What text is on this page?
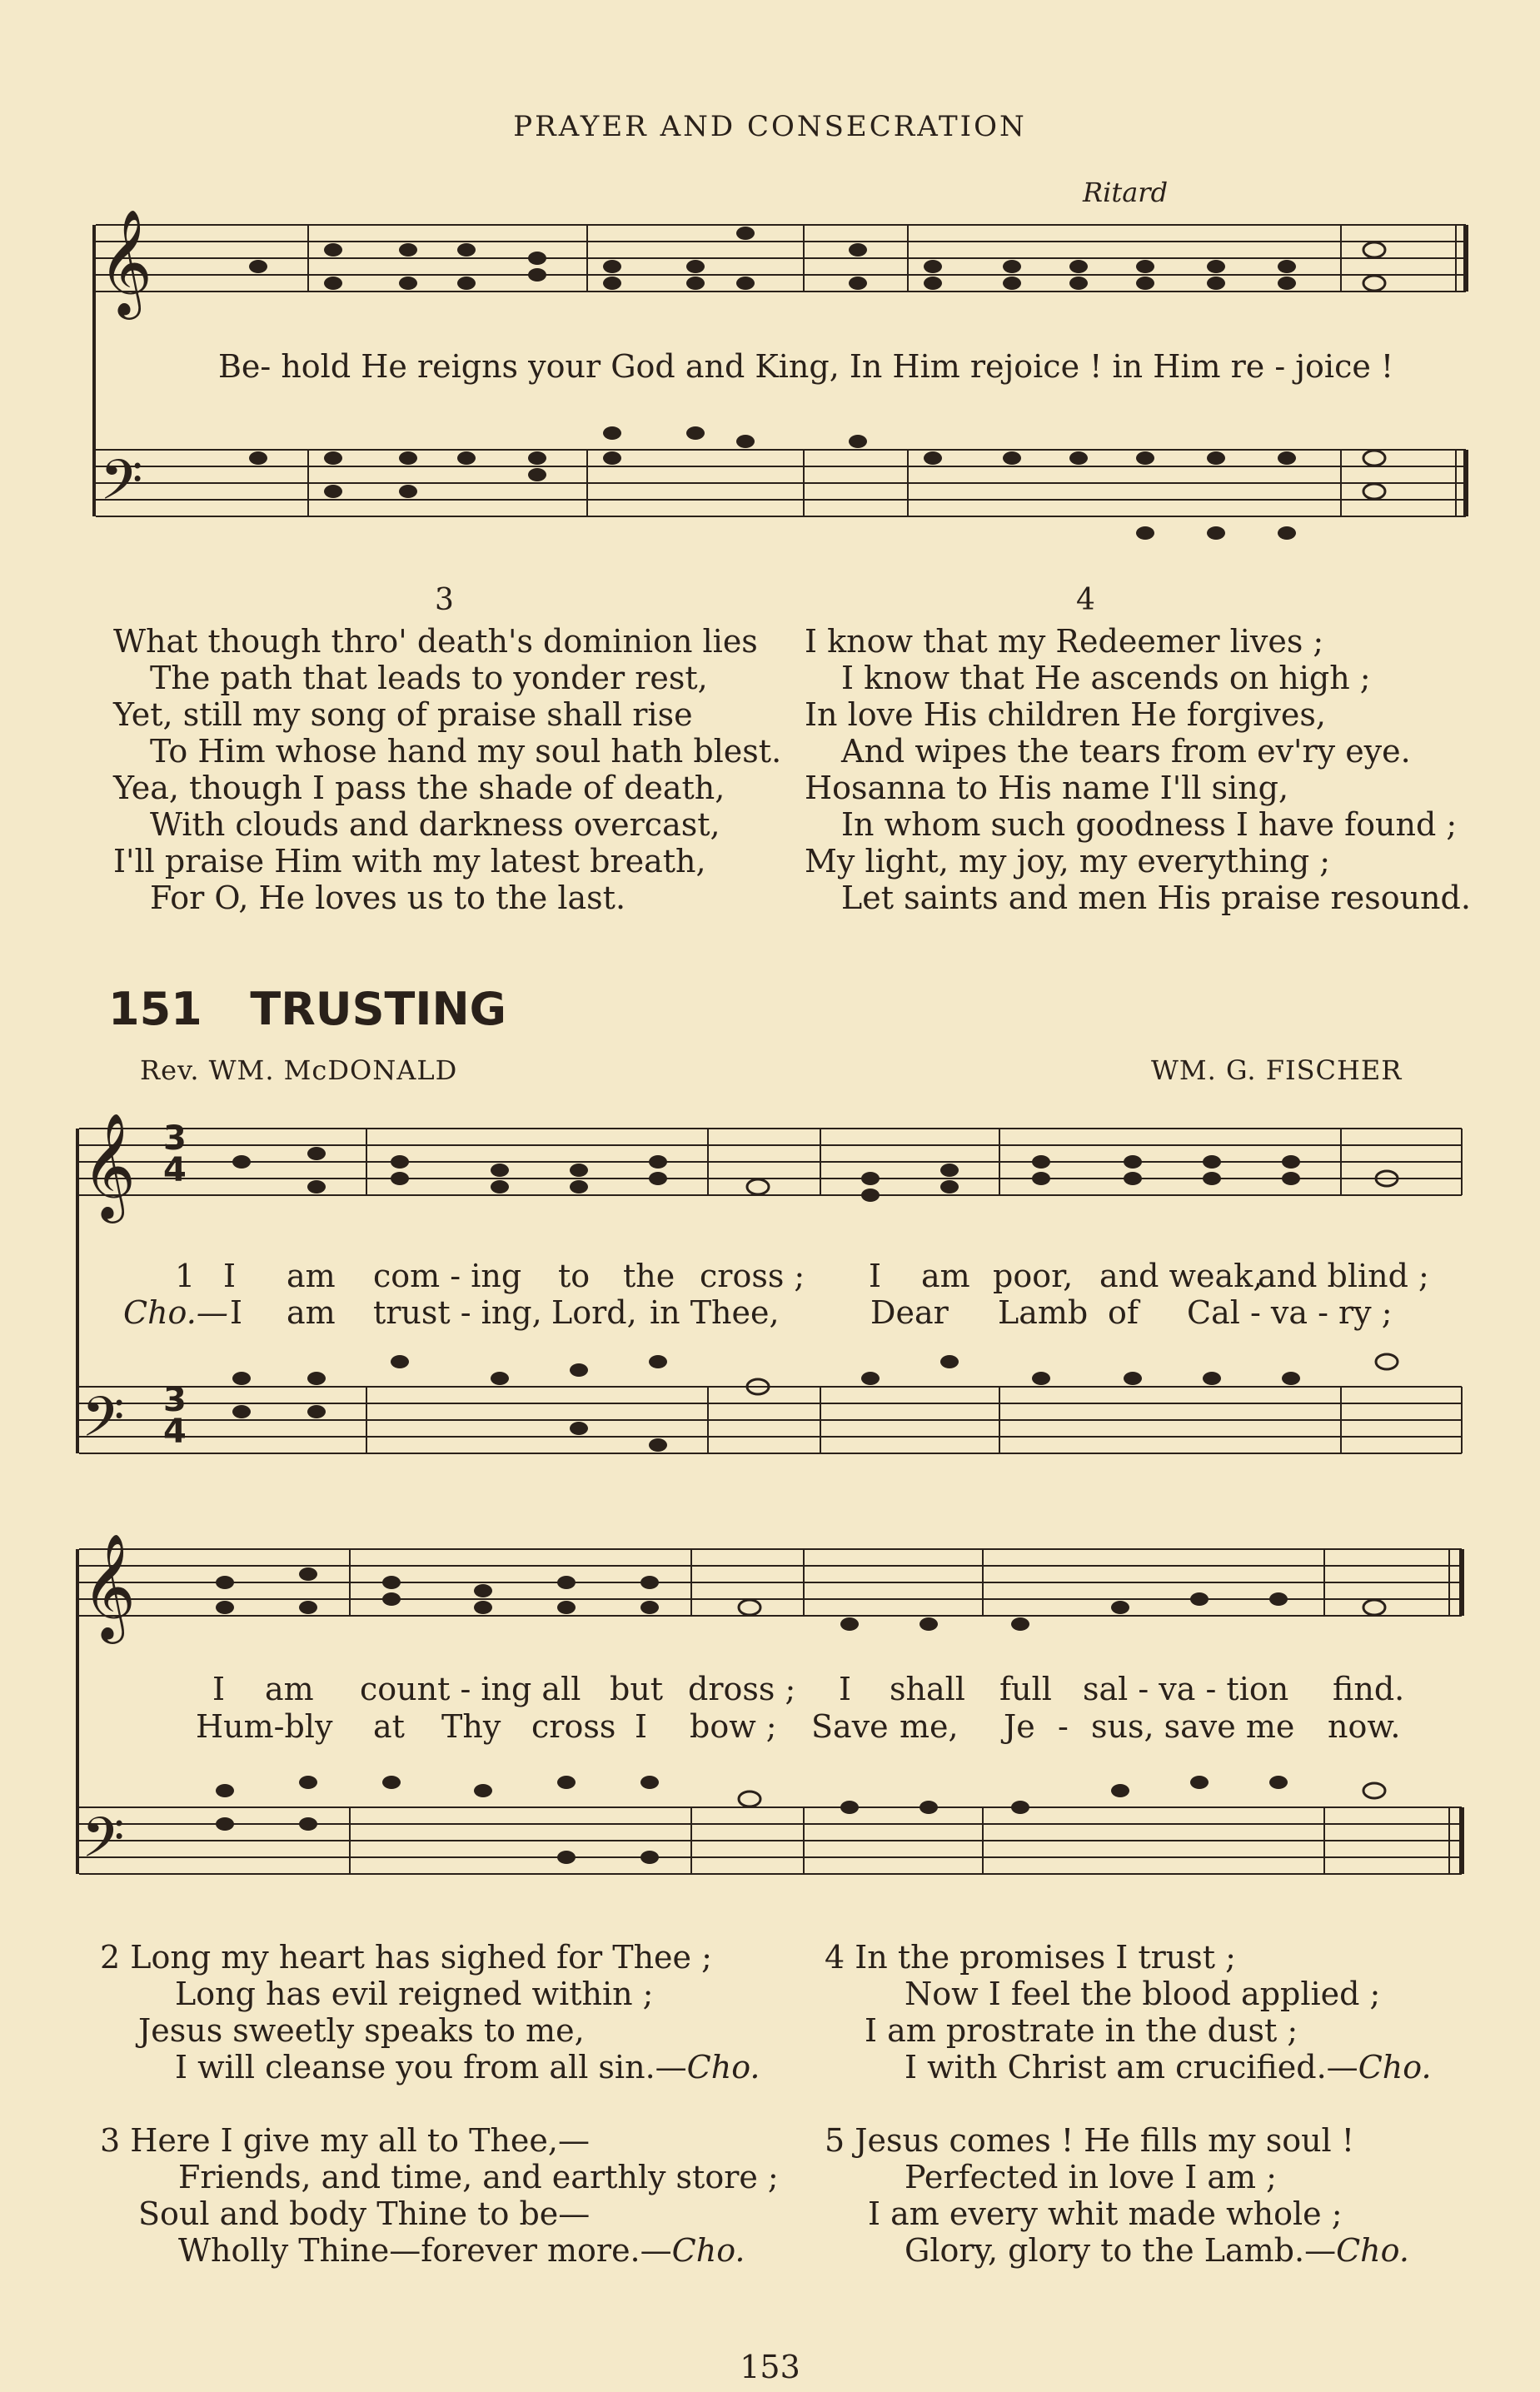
PRAYER AND CONSECRATION
𝄞
𝄢
𝄞
𝄢
𝄞
𝄢
Ritard
Be- hold He reigns your God and King, In Him rejoice ! in Him re - joice !
3	4
What though thro' death's dominion lies
The path that leads to yonder rest,
Yet, still my song of praise shall rise
To Him whose hand my soul hath blest.
Yea, though I pass the shade of death,
With clouds and darkness overcast,
I'll praise Him with my latest breath,
For O, He loves us to the last.
I know that my Redeemer lives ;
I know that He ascends on high ;
In love His children He forgives,
And wipes the tears from ev'ry eye.
Hosanna to His name I'll sing,
In whom such goodness I have found ;
My light, my joy, my everything ;
Let saints and men His praise resound.
151 TRUSTING
Rev. WM. McDONALD	WM. G. FISCHER
3
4
3
4
1 I am com - ing to the cross ; I am poor, and weak,
and blind ;
Cho.— I am trust - ing, Lord, in Thee,	Dear Lamb of Cal - va - ry ;
I am count - ing all but dross ; I shall full sal - va - tion find.
Hum-bly at Thy cross I bow ; Save me, Je - sus, save me now.
2 Long my heart has sighed for Thee ;
Long has evil reigned within ;
Jesus sweetly speaks to me,
I will cleanse you from all sin.—Cho.
4 In the promises I trust ;
Now I feel the blood applied ;
I am prostrate in the dust ;
I with Christ am crucified.—Cho.
3 Here I give my all to Thee,—
Friends, and time, and earthly store ;
Soul and body Thine to be—
Wholly Thine—forever more.—Cho.
5 Jesus comes ! He fills my soul !
Perfected in love I am ;
I am every whit made whole ;
Glory, glory to the Lamb.—Cho.
153
